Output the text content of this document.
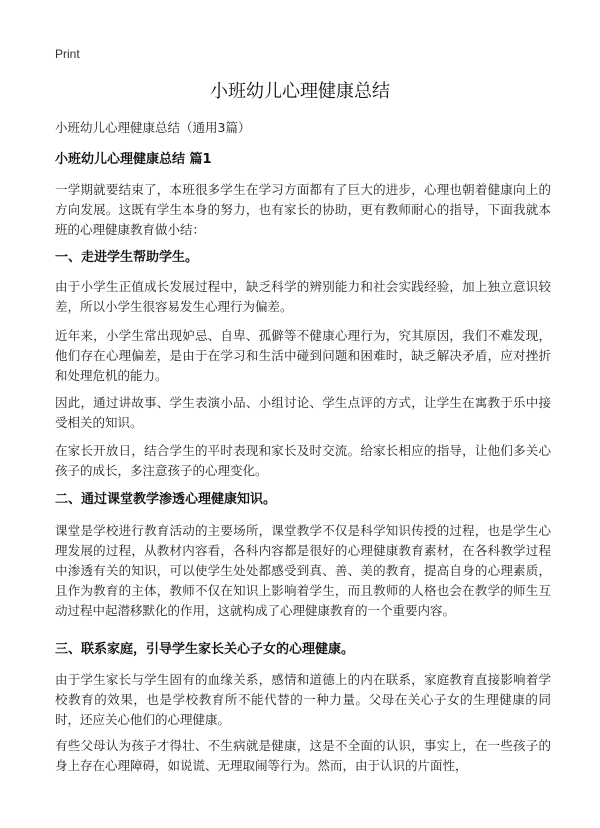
Print
小班幼儿心理健康总结
小班幼儿心理健康总结（通用3篇）
小班幼儿心理健康总结 篇1
一学期就要结束了，本班很多学生在学习方面都有了巨大的进步，心理也朝着健康向上的方向发展。这既有学生本身的努力，也有家长的协助，更有教师耐心的指导，下面我就本班的心理健康教育做小结：
一、走进学生帮助学生。
由于小学生正值成长发展过程中，缺乏科学的辨别能力和社会实践经验，加上独立意识较差，所以小学生很容易发生心理行为偏差。
近年来，小学生常出现妒忌、自卑、孤僻等不健康心理行为，究其原因，我们不难发现，他们存在心理偏差，是由于在学习和生活中碰到问题和困难时，缺乏解决矛盾，应对挫折和处理危机的能力。
因此，通过讲故事、学生表演小品、小组讨论、学生点评的方式，让学生在寓教于乐中接受相关的知识。
在家长开放日，结合学生的平时表现和家长及时交流。给家长相应的指导，让他们多关心孩子的成长，多注意孩子的心理变化。
二、通过课堂教学渗透心理健康知识。
课堂是学校进行教育活动的主要场所，课堂教学不仅是科学知识传授的过程，也是学生心理发展的过程，从教材内容看，各科内容都是很好的心理健康教育素材，在各科教学过程中渗透有关的知识，可以使学生处处都感受到真、善、美的教育，提高自身的心理素质，且作为教育的主体，教师不仅在知识上影响着学生，而且教师的人格也会在教学的师生互动过程中起潜移默化的作用，这就构成了心理健康教育的一个重要内容。
三、联系家庭，引导学生家长关心子女的心理健康。
由于学生家长与学生固有的血缘关系，感情和道德上的内在联系，家庭教育直接影响着学校教育的效果，也是学校教育所不能代替的一种力量。父母在关心子女的生理健康的同时，还应关心他们的心理健康。
有些父母认为孩子才得壮、不生病就是健康，这是不全面的认识，事实上，在一些孩子的身上存在心理障碍，如说谎、无理取闹等行为。然而，由于认识的片面性，
